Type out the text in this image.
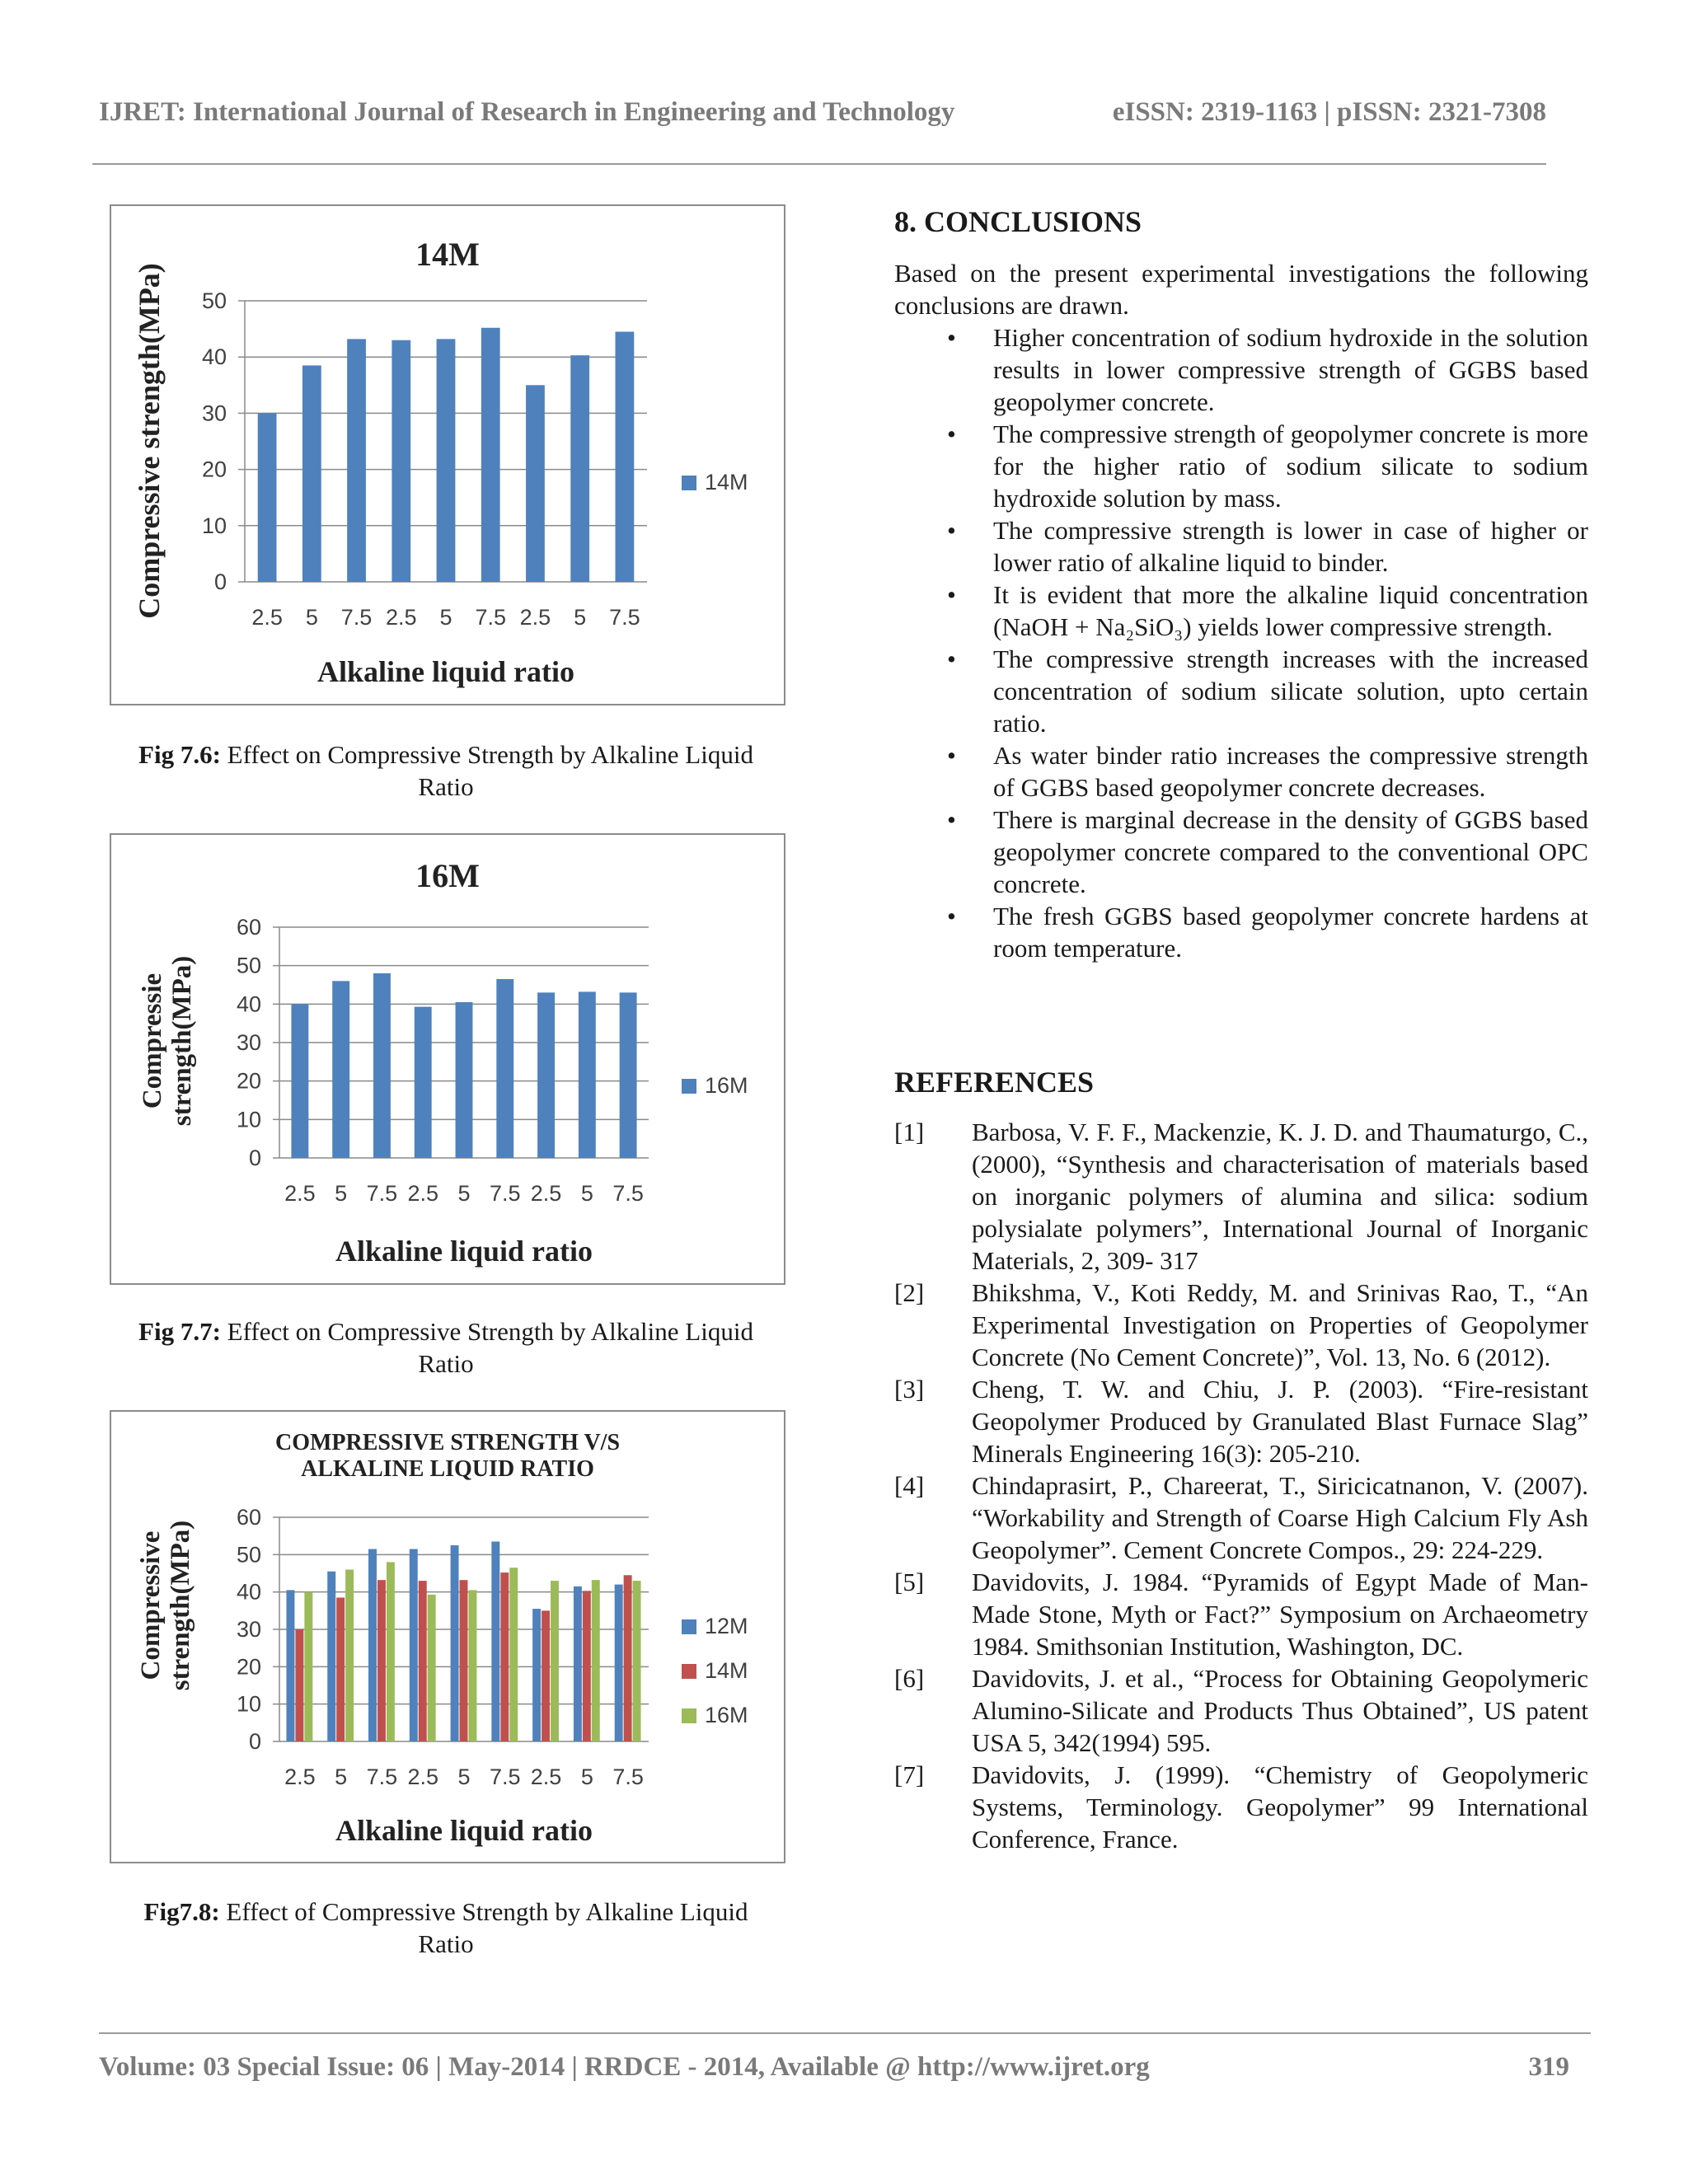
IJRET: International Journal of Research in Engineering and Technology	eISSN: 2319-1163 | pISSN: 2321-7308
14M
0
10
20
30
40
50
2.5 5 7.5 2.5 5 7.5 2.5 5 7.5
Alkaline liquid ratio
Compressive strength(MPa)	14M
Fig 7.6: Effect on Compressive Strength by Alkaline Liquid
Ratio
16M
0
10
20
30
40
50
60
2.5 5 7.5 2.5 5 7.5 2.5 5 7.5
Alkaline liquid ratio
Compressie strength(MPa)	16M
Fig 7.7: Effect on Compressive Strength by Alkaline Liquid
Ratio
COMPRESSIVE STRENGTH V/S
ALKALINE LIQUID RATIO
0
10
20
30
40
50
60
2.5 5 7.5 2.5 5 7.5 2.5 5 7.5
Alkaline liquid ratio
Compressive strength(MPa)	12M
14M
16M
Fig7.8: Effect of Compressive Strength by Alkaline Liquid
Ratio
8. CONCLUSIONS

Based on the present experimental investigations the following conclusions are drawn.

• Higher concentration of sodium hydroxide in the solution results in lower compressive strength of GGBS based geopolymer concrete.
• The compressive strength of geopolymer concrete is more for the higher ratio of sodium silicate to sodium hydroxide solution by mass.
• The compressive strength is lower in case of higher or lower ratio of alkaline liquid to binder.
• It is evident that more the alkaline liquid concentration (NaOH + Na₂SiO₃) yields lower compressive strength.
• The compressive strength increases with the increased concentration of sodium silicate solution, upto certain ratio.
• As water binder ratio increases the compressive strength of GGBS based geopolymer concrete decreases.
• There is marginal decrease in the density of GGBS based geopolymer concrete compared to the conventional OPC concrete.
• The fresh GGBS based geopolymer concrete hardens at room temperature.
REFERENCES
[1] Barbosa, V. F. F., Mackenzie, K. J. D. and Thaumaturgo, C., (2000), “Synthesis and characterisation of materials based on inorganic polymers of alumina and silica: sodium polysialate polymers”, International Journal of Inorganic Materials, 2, 309- 317
[2] Bhikshma, V., Koti Reddy, M. and Srinivas Rao, T., “An Experimental Investigation on Properties of Geopolymer Concrete (No Cement Concrete)”, Vol. 13, No. 6 (2012).
[3] Cheng, T. W. and Chiu, J. P. (2003). “Fire-resistant Geopolymer Produced by Granulated Blast Furnace Slag” Minerals Engineering 16(3): 205-210.
[4] Chindaprasirt, P., Chareerat, T., Siricicatnanon, V. (2007). “Workability and Strength of Coarse High Calcium Fly Ash Geopolymer”. Cement Concrete Compos., 29: 224-229.
[5] Davidovits, J. 1984. “Pyramids of Egypt Made of Man-Made Stone, Myth or Fact?” Symposium on Archaeometry 1984. Smithsonian Institution, Washington, DC.
[6] Davidovits, J. et al., “Process for Obtaining Geopolymeric Alumino-Silicate and Products Thus Obtained”, US patent USA 5, 342(1994) 595.
[7] Davidovits, J. (1999). “Chemistry of Geopolymeric Systems, Terminology. Geopolymer” 99 International Conference, France.
Volume: 03 Special Issue: 06 | May-2014 | RRDCE - 2014, Available @ http://www.ijret.org	319
